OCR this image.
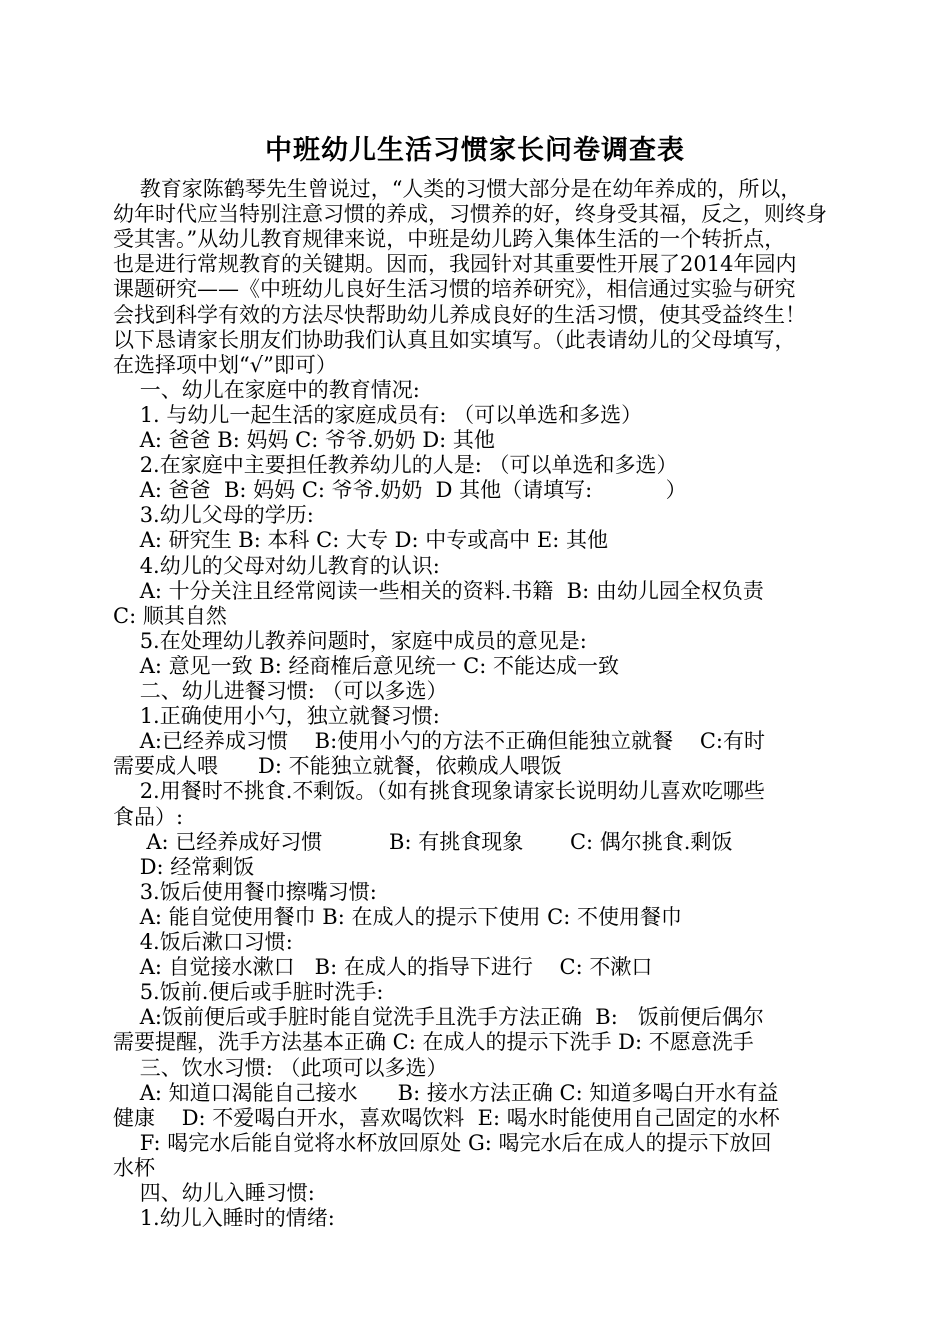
中班幼儿生活习惯家长问卷调查表
教育家陈鹤琴先生曾说过，“人类的习惯大部分是在幼年养成的，所以，
幼年时代应当特别注意习惯的养成，习惯养的好，终身受其福，反之，则终身
受其害。”从幼儿教育规律来说，中班是幼儿跨入集体生活的一个转折点，
也是进行常规教育的关键期。因而，我园针对其重要性开展了2014年园内
课题研究——《中班幼儿良好生活习惯的培养研究》，相信通过实验与研究
会找到科学有效的方法尽快帮助幼儿养成良好的生活习惯，使其受益终生！
以下恳请家长朋友们协助我们认真且如实填写。（此表请幼儿的父母填写，
在选择项中划“√”即可）
一、幼儿在家庭中的教育情况:
1. 与幼儿一起生活的家庭成员有: （可以单选和多选）
A: 爸爸 B: 妈妈 C: 爷爷.奶奶 D: 其他
2.在家庭中主要担任教养幼儿的人是: （可以单选和多选）
A: 爸爸  B: 妈妈 C: 爷爷.奶奶  D 其他（请填写:           ）
3.幼儿父母的学历:
A: 研究生 B: 本科 C: 大专 D: 中专或高中 E: 其他
4.幼儿的父母对幼儿教育的认识:
A: 十分关注且经常阅读一些相关的资料.书籍  B: 由幼儿园全权负责
C: 顺其自然
5.在处理幼儿教养问题时，家庭中成员的意见是:
A: 意见一致 B: 经商榷后意见统一 C: 不能达成一致
二、幼儿进餐习惯: （可以多选）
1.正确使用小勺，独立就餐习惯:
A:已经养成习惯    B:使用小勺的方法不正确但能独立就餐    C:有时
需要成人喂      D: 不能独立就餐，依赖成人喂饭
2.用餐时不挑食.不剩饭。（如有挑食现象请家长说明幼儿喜欢吃哪些
食品）:
A: 已经养成好习惯          B: 有挑食现象       C: 偶尔挑食.剩饭
D: 经常剩饭
3.饭后使用餐巾擦嘴习惯:
A: 能自觉使用餐巾 B: 在成人的提示下使用 C: 不使用餐巾
4.饭后漱口习惯:
A: 自觉接水漱口   B: 在成人的指导下进行    C: 不漱口
5.饭前.便后或手脏时洗手:
A:饭前便后或手脏时能自觉洗手且洗手方法正确  B:   饭前便后偶尔
需要提醒，洗手方法基本正确 C: 在成人的提示下洗手 D: 不愿意洗手
三、饮水习惯: （此项可以多选）
A: 知道口渴能自己接水      B: 接水方法正确 C: 知道多喝白开水有益
健康    D: 不爱喝白开水，喜欢喝饮料  E: 喝水时能使用自己固定的水杯
F: 喝完水后能自觉将水杯放回原处 G: 喝完水后在成人的提示下放回
水杯
四、幼儿入睡习惯:
1.幼儿入睡时的情绪:
